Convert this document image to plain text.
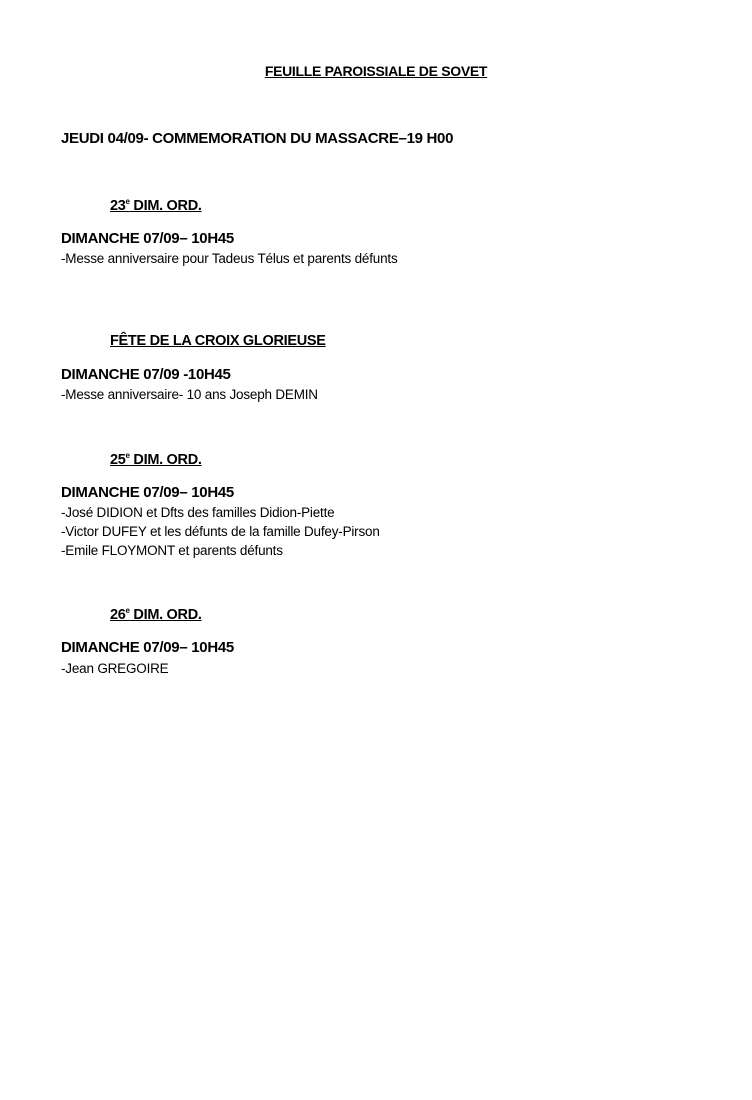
FEUILLE PAROISSIALE DE SOVET
JEUDI 04/09- COMMEMORATION DU MASSACRE–19 H00
23e DIM. ORD.
DIMANCHE 07/09– 10H45
-Messe anniversaire pour Tadeus Télus et parents défunts
FÊTE DE LA CROIX GLORIEUSE
DIMANCHE 07/09 -10H45
-Messe anniversaire- 10 ans Joseph DEMIN
25e DIM. ORD.
DIMANCHE 07/09– 10H45
-José DIDION et Dfts des familles Didion-Piette
-Victor DUFEY et les défunts de la famille Dufey-Pirson
-Emile FLOYMONT et parents défunts
26e DIM. ORD.
DIMANCHE 07/09– 10H45
-Jean GREGOIRE
